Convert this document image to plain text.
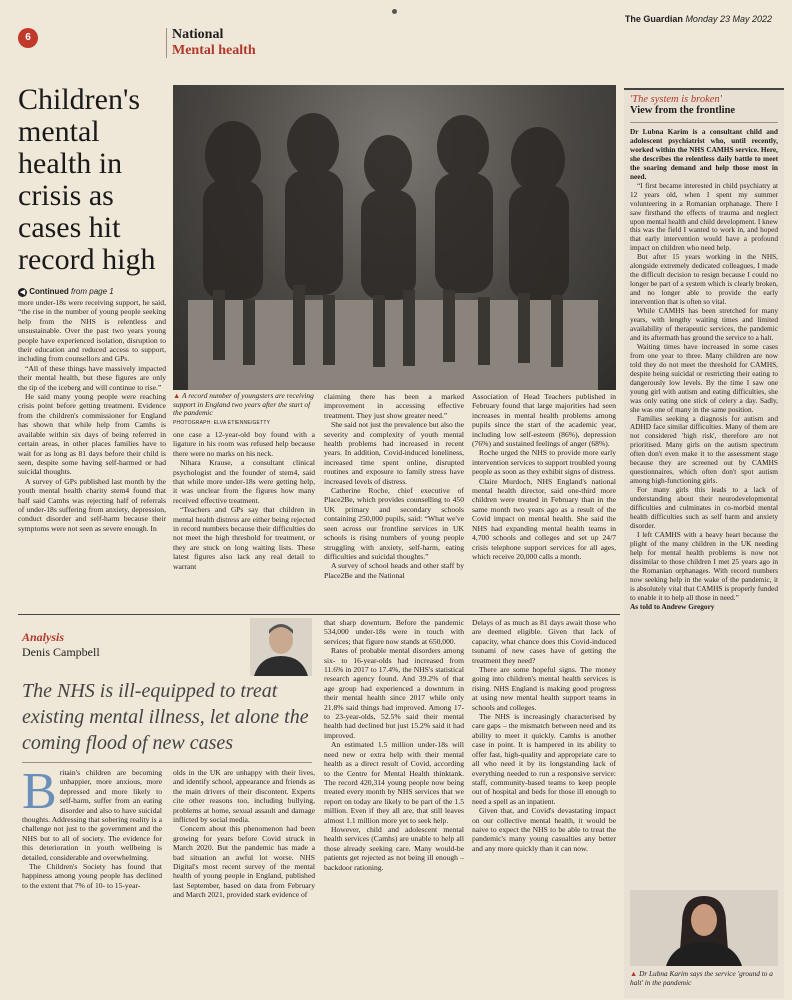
6	National
Mental health
The Guardian Monday 23 May 2022
Children's mental health in crisis as cases hit record high
◀ Continued from page 1
▲ A record number of youngsters are receiving support in England two years after the start of the pandemic
PHOTOGRAPH: ELVA ETIENNE/GETTY

more under-18s were receiving support, he said, “the rise in the number of young people seeking help from the NHS is relentless and unsustainable. Over the past two years young people have experienced isolation, disruption to their education and reduced access to support, including from counsellors and GPs.

“All of these things have massively impacted their mental health, but these figures are only the tip of the iceberg and will continue to rise.”

He said many young people were reaching crisis point before getting treatment. Evidence from the children's commissioner for England has shown that while help from Camhs is available within six days of being referred in certain areas, in other places families have to wait for as long as 81 days before their child is seen, despite some having self-harmed or had suicidal thoughts.

A survey of GPs published last month by the youth mental health charity stem4 found that half said Camhs was rejecting half of referrals of under-18s suffering from anxiety, depression, conduct disorder and self-harm because their symptoms were not seen as severe enough. In

one case a 12-year-old boy found with a ligature in his room was refused help because there were no marks on his neck.

Nihara Krause, a consultant clinical psychologist and the founder of stem4, said that while more under-18s were getting help, it was unclear from the figures how many received effective treatment.

“Teachers and GPs say that children in mental health distress are either being rejected in record numbers because their difficulties do not meet the high threshold for treatment, or they are stuck on long waiting lists. These latest figures also lack any real detail to warrant

claiming there has been a marked improvement in accessing effective treatment. They just show greater need.”

She said not just the prevalence but also the severity and complexity of youth mental health problems had increased in recent years. In addition, Covid-induced loneliness, increased time spent online, disrupted routines and exposure to family stress have increased levels of distress.

Catherine Roche, chief executive of Place2Be, which provides counselling to 450 UK primary and secondary schools containing 250,000 pupils, said: “What we've seen across our frontline services in UK schools is rising numbers of young people struggling with anxiety, self-harm, eating difficulties and suicidal thoughts.”

A survey of school heads and other staff by Place2Be and the National

Association of Head Teachers published in February found that large majorities had seen increases in mental health problems among pupils since the start of the academic year, including low self-esteem (86%), depression (76%) and sustained feelings of anger (68%).

Roche urged the NHS to provide more early intervention services to support troubled young people as soon as they exhibit signs of distress.

Claire Murdoch, NHS England's national mental health director, said one-third more children were treated in February than in the same month two years ago as a result of the Covid impact on mental health. She said the NHS had expanding mental health teams in 4,700 schools and colleges and set up 24/7 crisis telephone support services for all ages, which receive 20,000 calls a month.

Analysis
Denis Campbell
The NHS is ill-equipped to treat existing mental illness, let alone the coming flood of new cases
B ritain's children are becoming unhappier, more anxious, more depressed and more likely to self-harm, suffer from an eating disorder and also to have suicidal thoughts. Addressing that sobering reality is a challenge not just to the government and the NHS but to all of society. The evidence for this deterioration in youth wellbeing is detailed, considerable and overwhelming.

The Children's Society has found that happiness among young people has declined to the extent that 7% of 10- to 15-year-

olds in the UK are unhappy with their lives, and identify school, appearance and friends as the main drivers of their discontent. Experts cite other reasons too, including bullying, problems at home, sexual assault and damage inflicted by social media.

Concern about this phenomenon had been growing for years before Covid struck in March 2020. But the pandemic has made a bad situation an awful lot worse. NHS Digital's most recent survey of the mental health of young people in England, published last September, based on data from February and March 2021, provided stark evidence of

that sharp downturn. Before the pandemic 534,000 under-18s were in touch with services; that figure now stands at 650,000.

Rates of probable mental disorders among six- to 16-year-olds had increased from 11.6% in 2017 to 17.4%, the NHS's statistical research agency found. And 39.2% of that age group had experienced a downturn in their mental health since 2017 while only 21.8% said things had improved. Among 17- to 23-year-olds, 52.5% said their mental health had declined but just 15.2% said it had improved.

An estimated 1.5 million under-18s will need new or extra help with their mental health as a direct result of Covid, according to the Centre for Mental Health thinktank. The record 420,314 young people now being treated every month by NHS services that we report on today are likely to be part of the 1.5 million. Even if they all are, that still leaves almost 1.1 million more yet to seek help.

However, child and adolescent mental health services (Camhs) are unable to help all those already seeking care. Many would-be patients get rejected as not being ill enough – backdoor rationing.

Delays of as much as 81 days await those who are deemed eligible. Given that lack of capacity, what chance does this Covid-induced tsunami of new cases have of getting the treatment they need?

There are some hopeful signs. The money going into children's mental health services is rising. NHS England is making good progress at using new mental health support teams in schools and colleges.

The NHS is increasingly characterised by care gaps – the mismatch between need and its ability to meet it quickly. Camhs is another case in point. It is hampered in its ability to offer fast, high-quality and appropriate care to all who need it by its longstanding lack of everything needed to run a responsive service: staff, community-based teams to keep people out of hospital and beds for those ill enough to need a spell as an inpatient.

Given that, and Covid's devastating impact on our collective mental health, it would be naive to expect the NHS to be able to treat the pandemic's many young casualties any better and any more quickly than it can now.

'The system is broken'
View from the frontline

Dr Lubna Karim is a consultant child and adolescent psychiatrist who, until recently, worked within the NHS CAMHS service. Here, she describes the relentless daily battle to meet the soaring demand and help those most in need.

“I first became interested in child psychiatry at 12 years old, when I spent my summer volunteering in a Romanian orphanage. There I saw firsthand the effects of trauma and neglect upon mental health and child development. I knew this was the field I wanted to work in, and hoped that early intervention would have a profound impact on children who need help.

But after 15 years working in the NHS, alongside extremely dedicated colleagues, I made the difficult decision to resign because I could no longer be part of a system which is clearly broken, and no longer able to provide the early intervention that is often so vital.

While CAMHS has been stretched for many years, with lengthy waiting times and limited availability of therapeutic services, the pandemic and its aftermath has ground the service to a halt.

Waiting times have increased in some cases from one year to three. Many children are now told they do not meet the threshold for CAMHS, despite being suicidal or restricting their eating to dangerously low levels. By the time I saw one young girl with autism and eating difficulties, she was only eating one stick of celery a day. Sadly, she was one of many in the same position.

Families seeking a diagnosis for autism and ADHD face similar difficulties. Many of them are not considered 'high risk', therefore are not prioritised. Many girls on the autism spectrum often don't even make it to the assessment stage because they are screened out by CAMHS questionnaires, which often don't spot autism among high-functioning girls.

For many girls this leads to a lack of understanding about their neurodevelopmental difficulties and culminates in co-morbid mental health difficulties such as self harm and anxiety disorder.

I left CAMHS with a heavy heart because the plight of the many children in the UK needing help for mental health problems is now not dissimilar to those children I met 25 years ago in the Romanian orphanages. With record numbers now seeking help in the wake of the pandemic, it is absolutely vital that CAMHS is properly funded to enable it to help all those in need.”

As told to Andrew Gregory

▲ Dr Lubna Karim says the service 'ground to a halt' in the pandemic
